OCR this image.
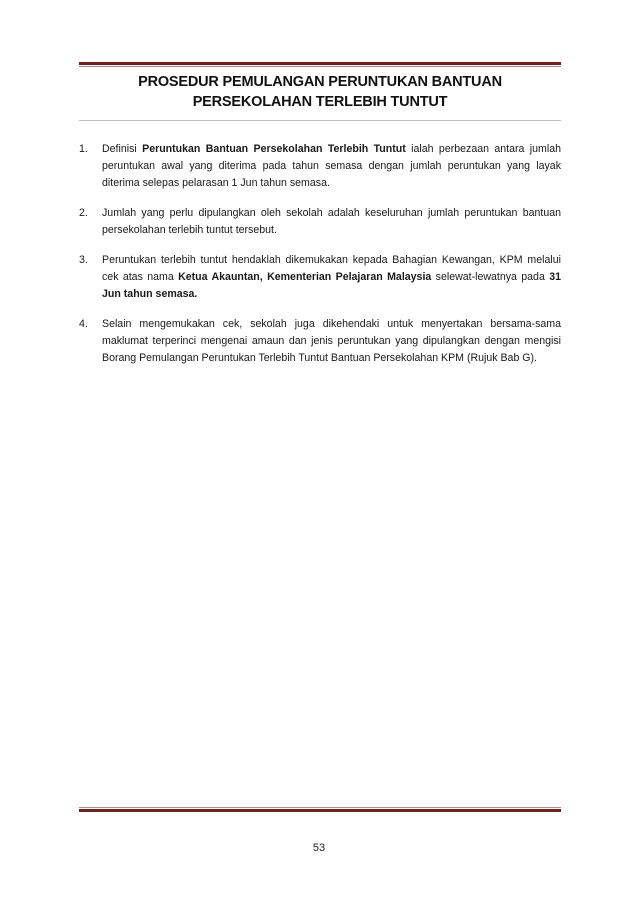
PROSEDUR PEMULANGAN PERUNTUKAN BANTUAN
PERSEKOLAHAN TERLEBIH TUNTUT
1.	Definisi Peruntukan Bantuan Persekolahan Terlebih Tuntut ialah perbezaan antara jumlah peruntukan awal yang diterima pada tahun semasa dengan jumlah peruntukan yang layak diterima selepas pelarasan 1 Jun tahun semasa.
2.	Jumlah yang perlu dipulangkan oleh sekolah adalah keseluruhan jumlah peruntukan bantuan persekolahan terlebih tuntut tersebut.
3.	Peruntukan terlebih tuntut hendaklah dikemukakan kepada Bahagian Kewangan, KPM melalui cek atas nama Ketua Akauntan, Kementerian Pelajaran Malaysia selewat-lewatnya pada 31 Jun tahun semasa.
4.	Selain mengemukakan cek, sekolah juga dikehendaki untuk menyertakan bersama-sama maklumat terperinci mengenai amaun dan jenis peruntukan yang dipulangkan dengan mengisi Borang Pemulangan Peruntukan Terlebih Tuntut Bantuan Persekolahan KPM (Rujuk Bab G).
53
